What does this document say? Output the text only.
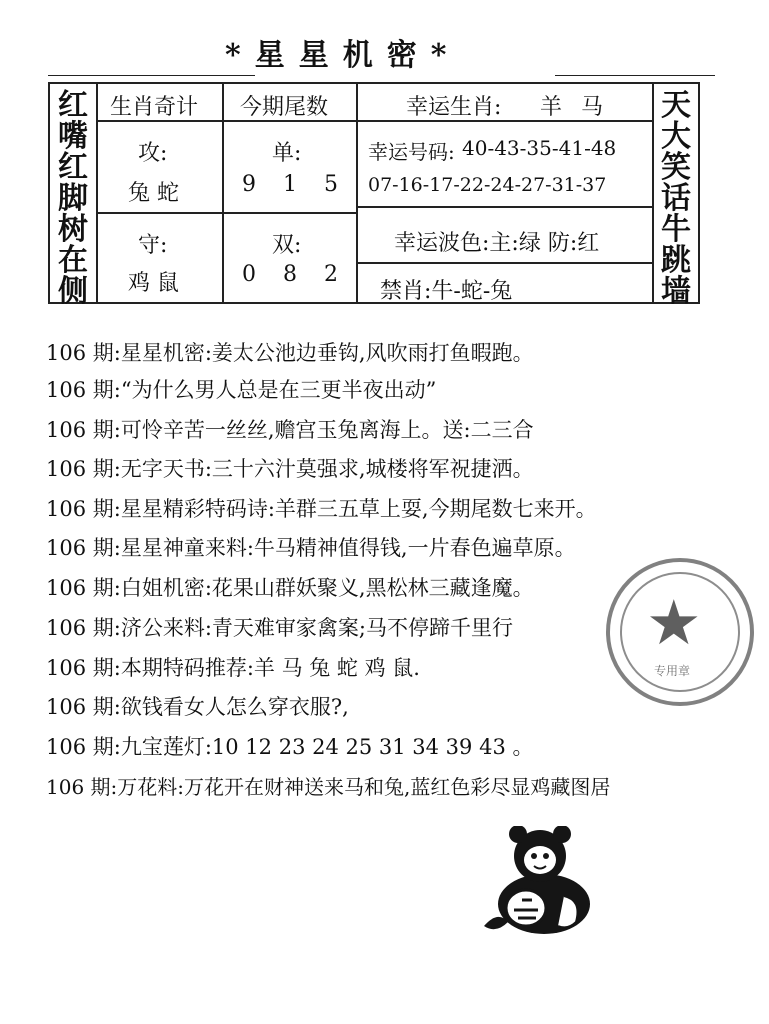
*星星机密*
红嘴红脚树在侧
天大笑话牛跳墙
生肖奇计 今期尾数	幸运生肖: 羊 马
攻:
兔 蛇
单:
9 1 5
守:
鸡 鼠
双:
0 8 2
幸运号码: 40-43-35-41-48
07-16-17-22-24-27-31-37
幸运波色:主:绿 防:红
禁肖:牛-蛇-兔
106 期:星星机密:姜太公池边垂钩,风吹雨打鱼暇跑。
106 期:“为什么男人总是在三更半夜出动”
106 期:可怜辛苦一丝丝,赡宫玉兔离海上。送:二三合
106 期:无字天书:三十六汁莫强求,城楼将军祝捷洒。
106 期:星星精彩特码诗:羊群三五草上耍,今期尾数七来开。
106 期:星星神童来料:牛马精神值得钱,一片春色遍草原。
106 期:白姐机密:花果山群妖聚义,黑松林三藏逢魔。
106 期:济公来料:青天难审家禽案;马不停蹄千里行
106 期:本期特码推荐:羊 马 兔 蛇 鸡 鼠.
106 期:欲钱看女人怎么穿衣服?,
106 期:九宝莲灯:10 12 23 24 25 31 34 39 43 。
106 期:万花料:万花开在财神送来马和兔,蓝红色彩尽显鸡藏图居
★
专用章
